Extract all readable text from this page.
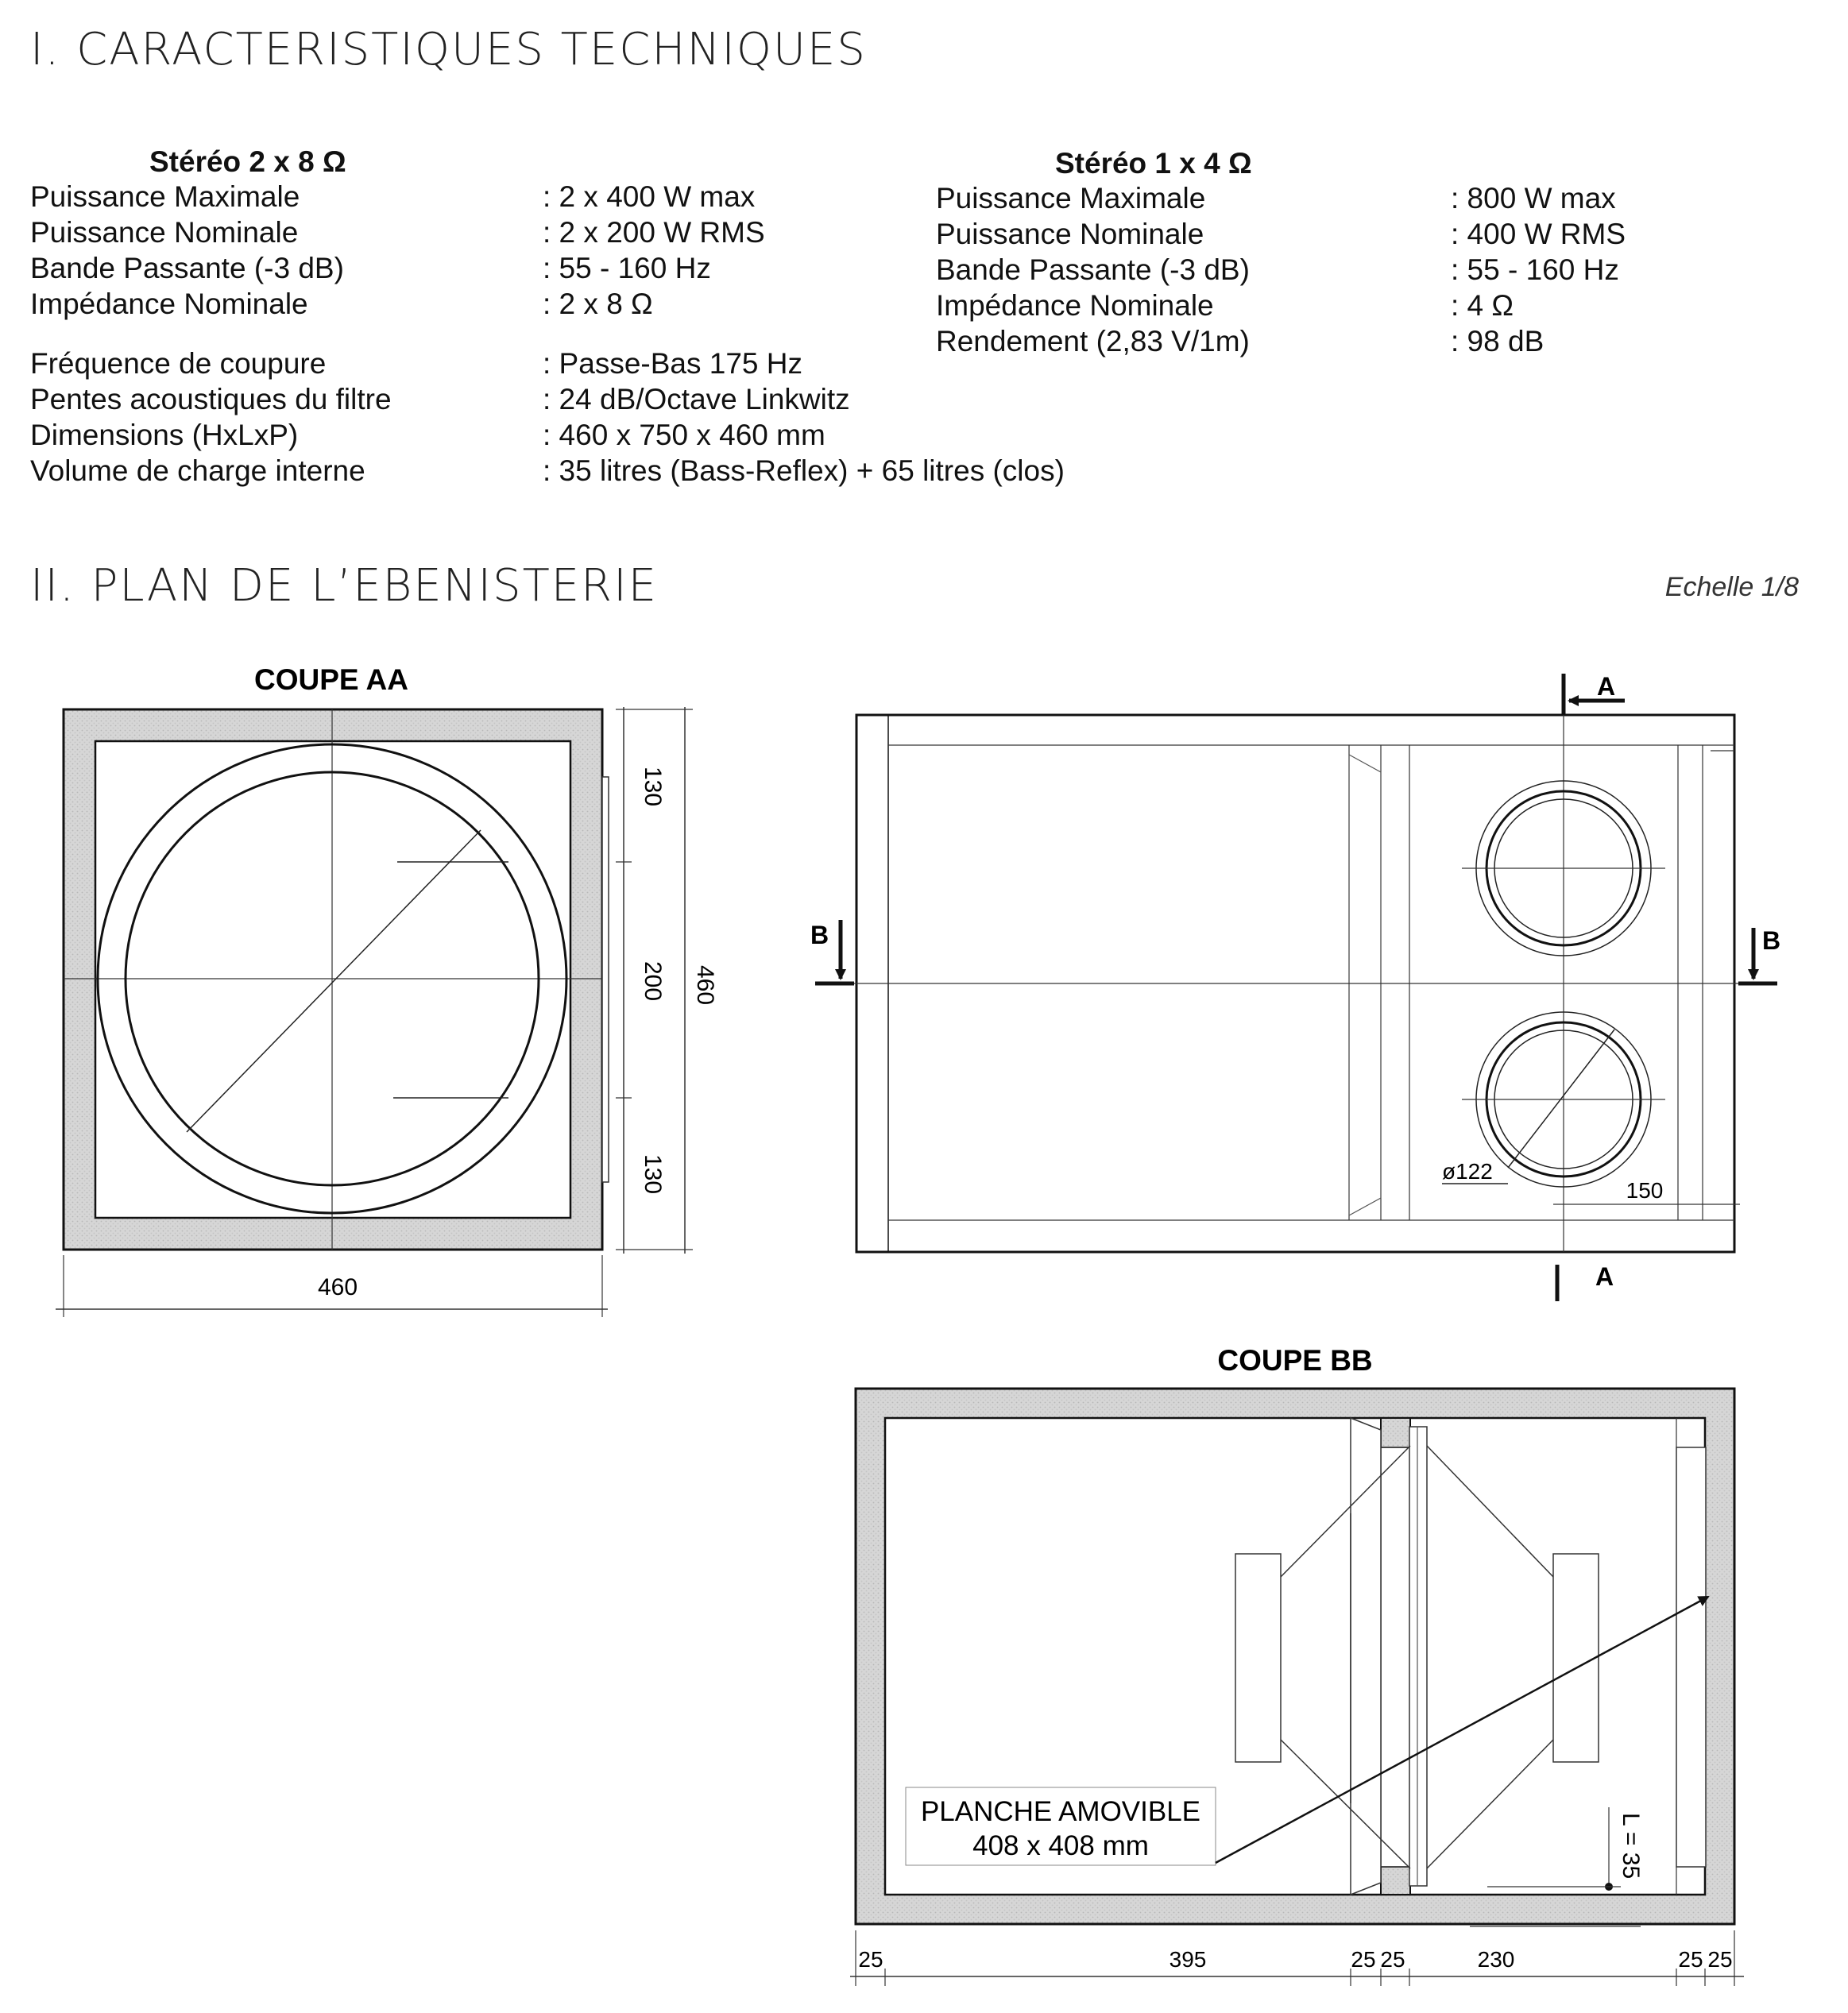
I. CARACTERISTIQUES TECHNIQUES
II. PLAN DE L’EBENISTERIE	Echelle 1/8
Stéréo 2 x 8 Ω
Puissance Maximale	: 2 x 400 W max
Puissance Nominale	: 2 x 200 W RMS
Bande Passante (-3 dB)	: 55 - 160 Hz
Impédance Nominale	: 2 x 8 Ω
Fréquence de coupure	: Passe-Bas 175 Hz
Pentes acoustiques du filtre	: 24 dB/Octave Linkwitz
Dimensions (HxLxP)	: 460 x 750 x 460 mm
Volume de charge interne	: 35 litres (Bass-Reflex) + 65 litres (clos)
Stéréo 1 x 4 Ω
Puissance Maximale	: 800 W max
Puissance Nominale	: 400 W RMS
Bande Passante (-3 dB)	: 55 - 160 Hz
Impédance Nominale	: 4 Ω
Rendement (2,83 V/1m)	: 98 dB
COUPE AA
130
200
130
460
460
ø122
150
A
A
B	B
COUPE BB
PLANCHE AMOVIBLE
408 x 408 mm	L = 35
25	395	25 25	230	25 25
